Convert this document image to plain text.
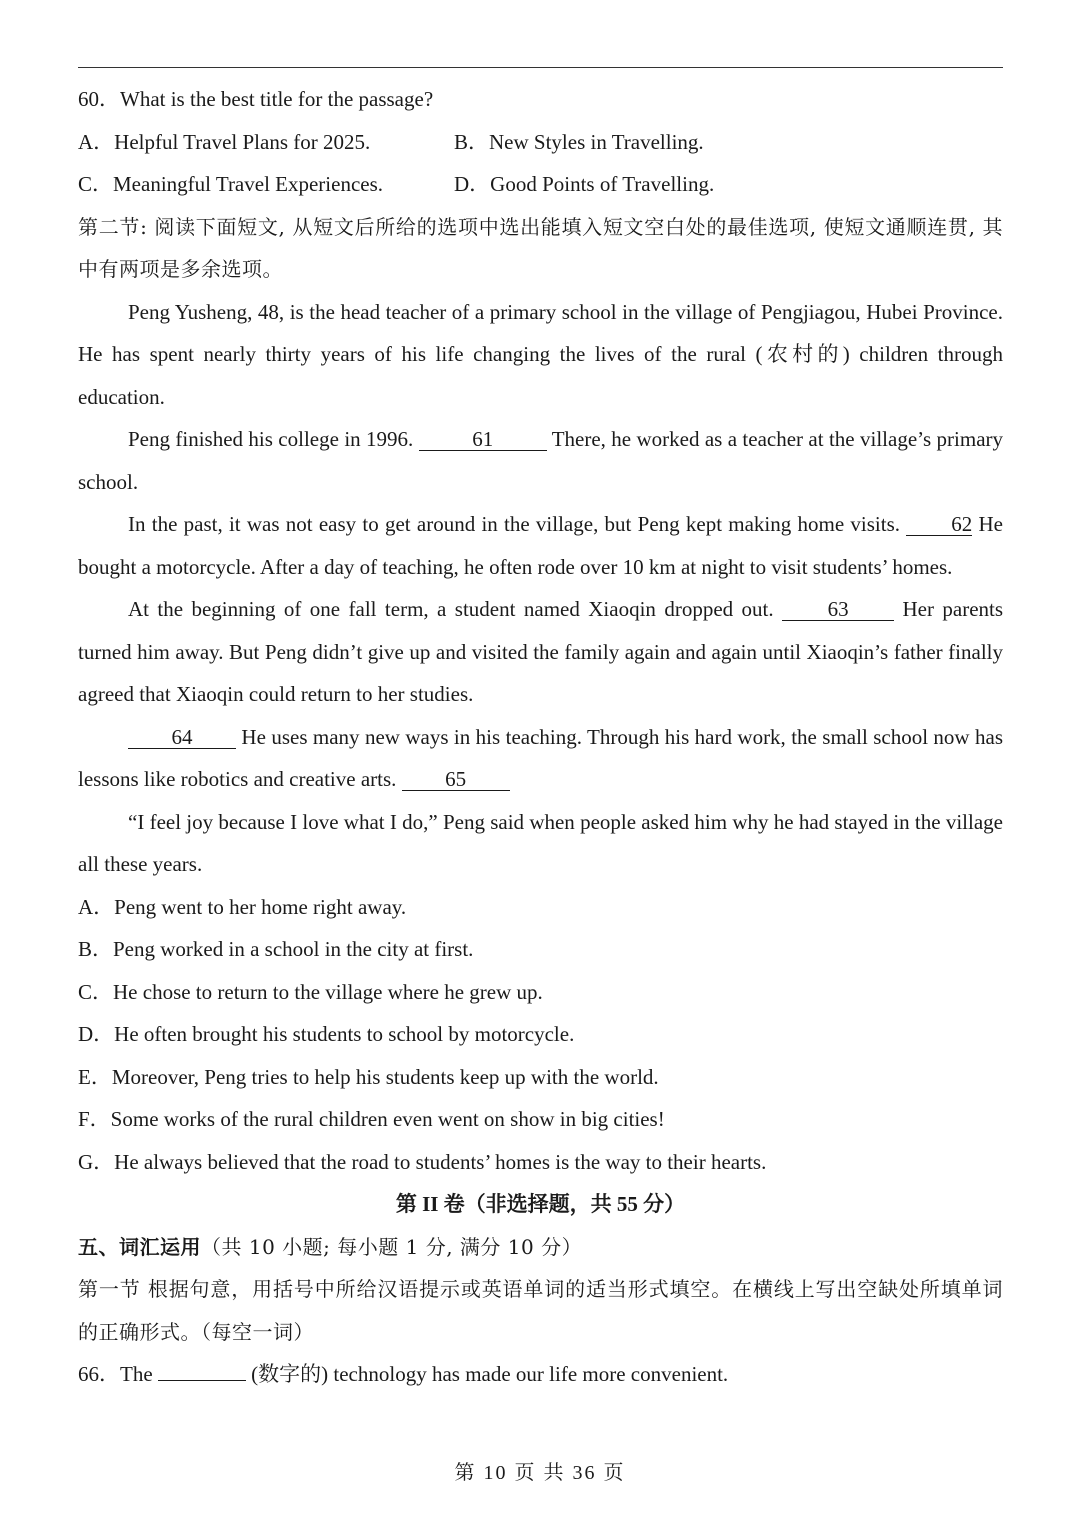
60．What is the best title for the passage?
A．Helpful Travel Plans for 2025.	B．New Styles in Travelling.
C．Meaningful Travel Experiences.	D．Good Points of Travelling.
第二节: 阅读下面短文, 从短文后所给的选项中选出能填入短文空白处的最佳选项, 使短文通顺连贯, 其中有两项是多余选项。
Peng Yusheng, 48, is the head teacher of a primary school in the village of Pengjiagou, Hubei Province. He has spent nearly thirty years of his life changing the lives of the rural (农村的) children through education.
Peng finished his college in 1996.	61	There, he worked as a teacher at the village’s primary school.
In the past, it was not easy to get around in the village, but Peng kept making home visits. 62 He bought a motorcycle. After a day of teaching, he often rode over 10 km at night to visit students’ homes.
At the beginning of one fall term, a student named Xiaoqin dropped out.	63	Her parents turned him away. But Peng didn’t give up and visited the family again and again until Xiaoqin’s father finally agreed that Xiaoqin could return to her studies.
64 He uses many new ways in his teaching. Through his hard work, the small school now has lessons like robotics and creative arts. 65
“I feel joy because I love what I do,” Peng said when people asked him why he had stayed in the village all these years.
A．Peng went to her home right away.
B．Peng worked in a school in the city at first.
C．He chose to return to the village where he grew up.
D．He often brought his students to school by motorcycle.
E．Moreover, Peng tries to help his students keep up with the world.
F．Some works of the rural children even went on show in big cities!
G．He always believed that the road to students’ homes is the way to their hearts.
第 II 卷（非选择题，共 55 分）
五、词汇运用（共 10 小题; 每小题 1 分, 满分 10 分）
第一节 根据句意，用括号中所给汉语提示或英语单词的适当形式填空。在横线上写出空缺处所填单词的正确形式。（每空一词）
66．The	(数字的) technology has made our life more convenient.
第 10 页 共 36 页
